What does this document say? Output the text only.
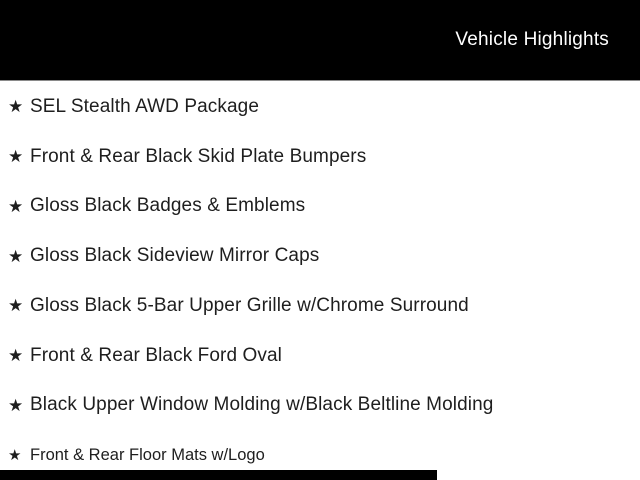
Vehicle Highlights
★ SEL Stealth AWD Package
★ Front & Rear Black Skid Plate Bumpers
★ Gloss Black Badges & Emblems
★ Gloss Black Sideview Mirror Caps
★ Gloss Black 5-Bar Upper Grille w/Chrome Surround
★ Front & Rear Black Ford Oval
★ Black Upper Window Molding w/Black Beltline Molding
★ Front & Rear Floor Mats w/Logo
